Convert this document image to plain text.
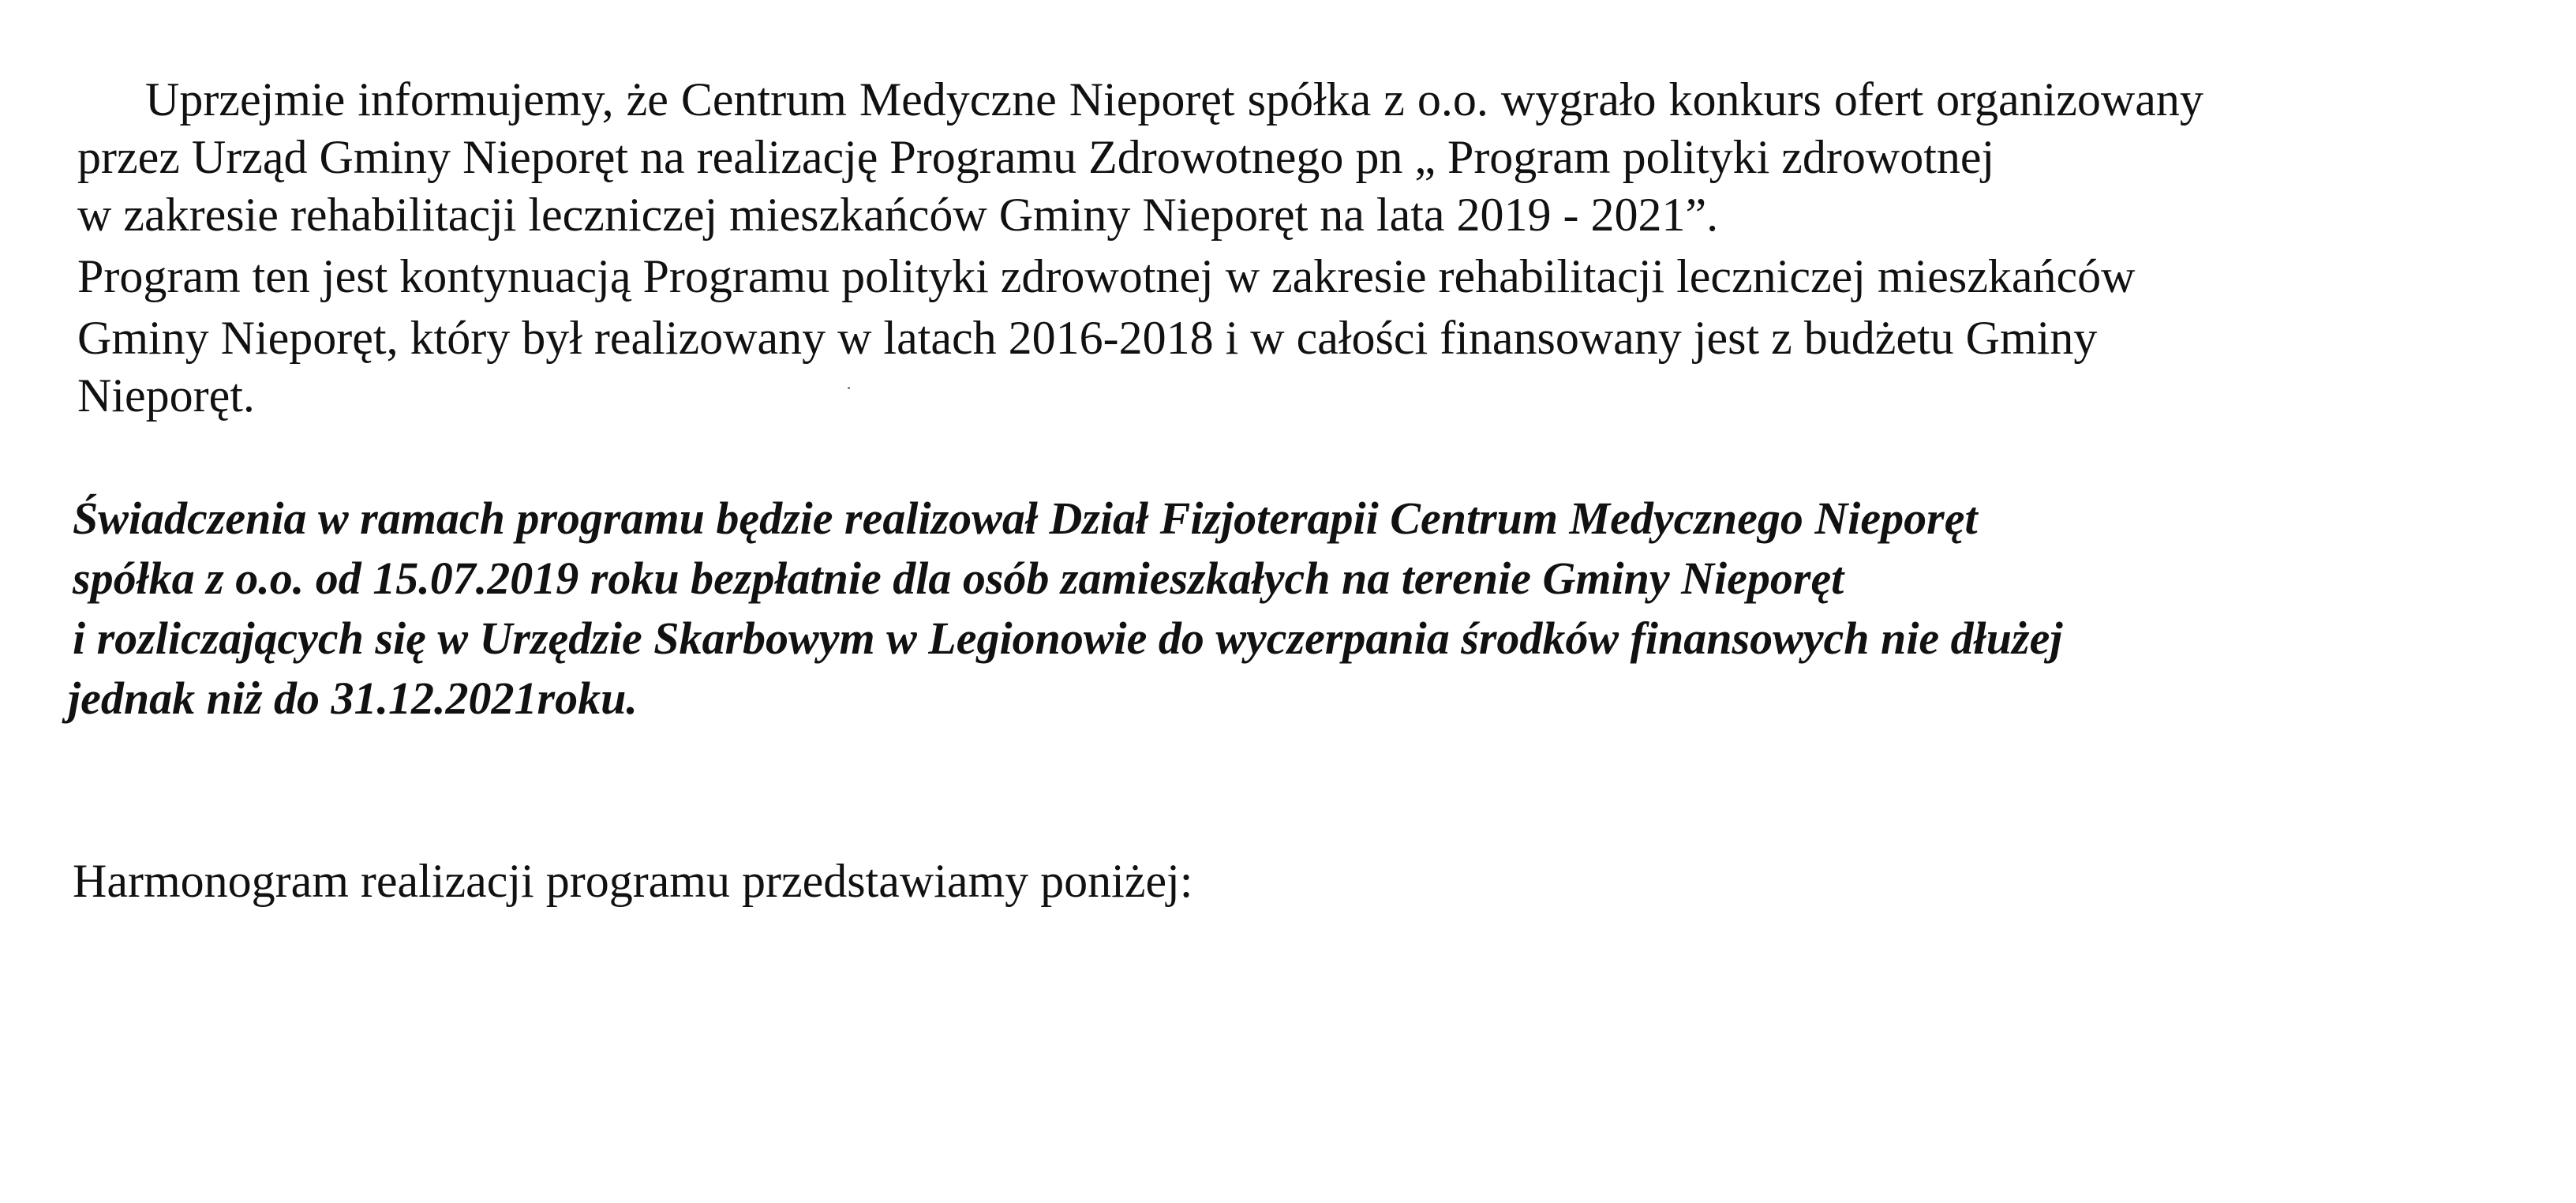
Uprzejmie informujemy, że Centrum Medyczne Nieporęt spółka z o.o. wygrało konkurs ofert organizowany
przez Urząd Gminy Nieporęt na realizację Programu Zdrowotnego pn „ Program polityki zdrowotnej
w zakresie rehabilitacji leczniczej mieszkańców Gminy Nieporęt na lata 2019 - 2021”.
Program ten jest kontynuacją Programu polityki zdrowotnej w zakresie rehabilitacji leczniczej mieszkańców
Gminy Nieporęt, który był realizowany w latach 2016-2018 i w całości finansowany jest z budżetu Gminy
Nieporęt.
Świadczenia w ramach programu będzie realizował Dział Fizjoterapii Centrum Medycznego Nieporęt
spółka z o.o. od 15.07.2019 roku bezpłatnie dla osób zamieszkałych na terenie Gminy Nieporęt
i rozliczających się w Urzędzie Skarbowym w Legionowie do wyczerpania środków finansowych nie dłużej
jednak niż do 31.12.2021roku.
Harmonogram realizacji programu przedstawiamy poniżej:
